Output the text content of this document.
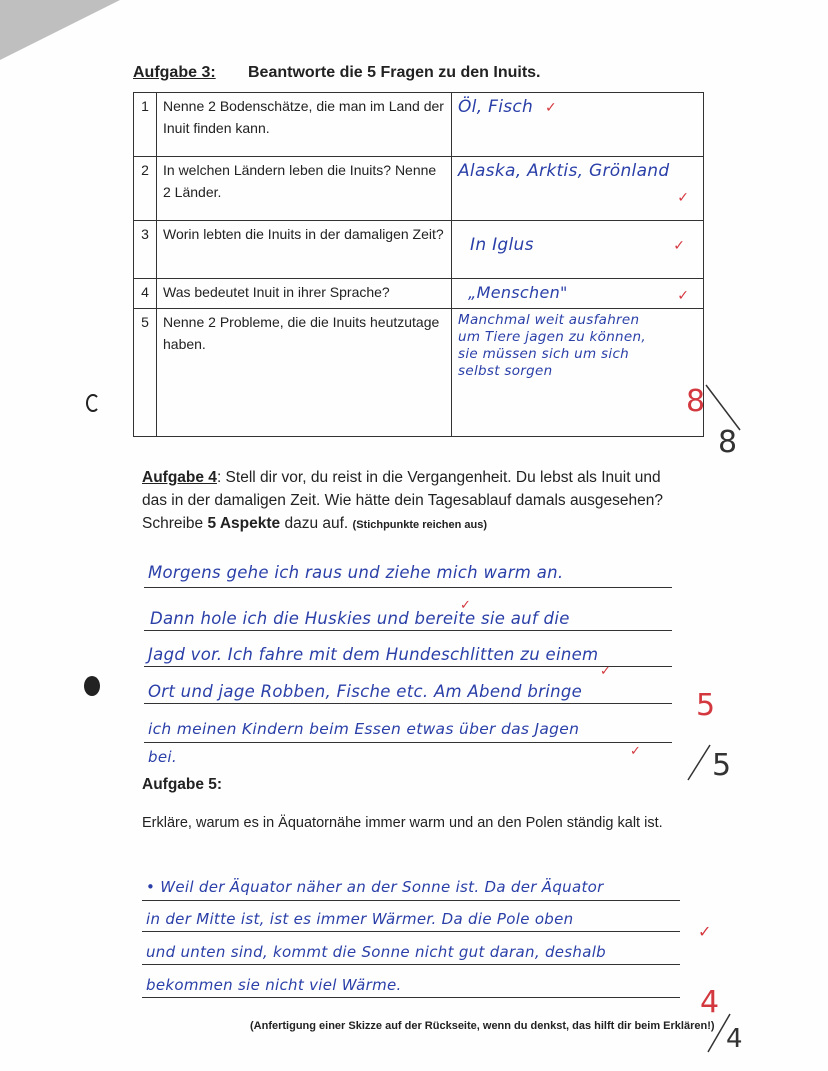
Aufgabe 3: Beantworte die 5 Fragen zu den Inuits.
1	Nenne 2 Bodenschätze, die man im Land der Inuit finden kann.	Öl, Fisch ✓
2	In welchen Ländern leben die Inuits? Nenne 2 Länder.	Alaska, Arktis, Grönland
✓

3	Worin lebten die Inuits in der damaligen Zeit?	In Iglus ✓

4	Was bedeutet Inuit in ihrer Sprache?	„Menschen" ✓

5	Nenne 2 Probleme, die die Inuits heutzutage haben.	Manchmal weit ausfahren
um Tiere jagen zu können,
sie müssen sich um sich
selbst sorgen
8
8
Aufgabe 4: Stell dir vor, du reist in die Vergangenheit. Du lebst als Inuit und das in der damaligen Zeit. Wie hätte dein Tagesablauf damals ausgesehen? Schreibe 5 Aspekte dazu auf. (Stichpunkte reichen aus)
Morgens gehe ich raus und ziehe mich warm an.
Dann hole ich die Huskies und bereite sie auf die
Jagd vor. Ich fahre mit dem Hundeschlitten zu einem
Ort und jage Robben, Fische etc. Am Abend bringe
ich meinen Kindern beim Essen etwas über das Jagen
bei.
✓
✓
✓
5
5
Aufgabe 5:
Erkläre, warum es in Äquatornähe immer warm und an den Polen ständig kalt ist.
• Weil der Äquator näher an der Sonne ist. Da der Äquator
in der Mitte ist, ist es immer Wärmer. Da die Pole oben
und unten sind, kommt die Sonne nicht gut daran, deshalb
bekommen sie nicht viel Wärme.
✓
(Anfertigung einer Skizze auf der Rückseite, wenn du denkst, das hilft dir beim Erklären!)
4
4
